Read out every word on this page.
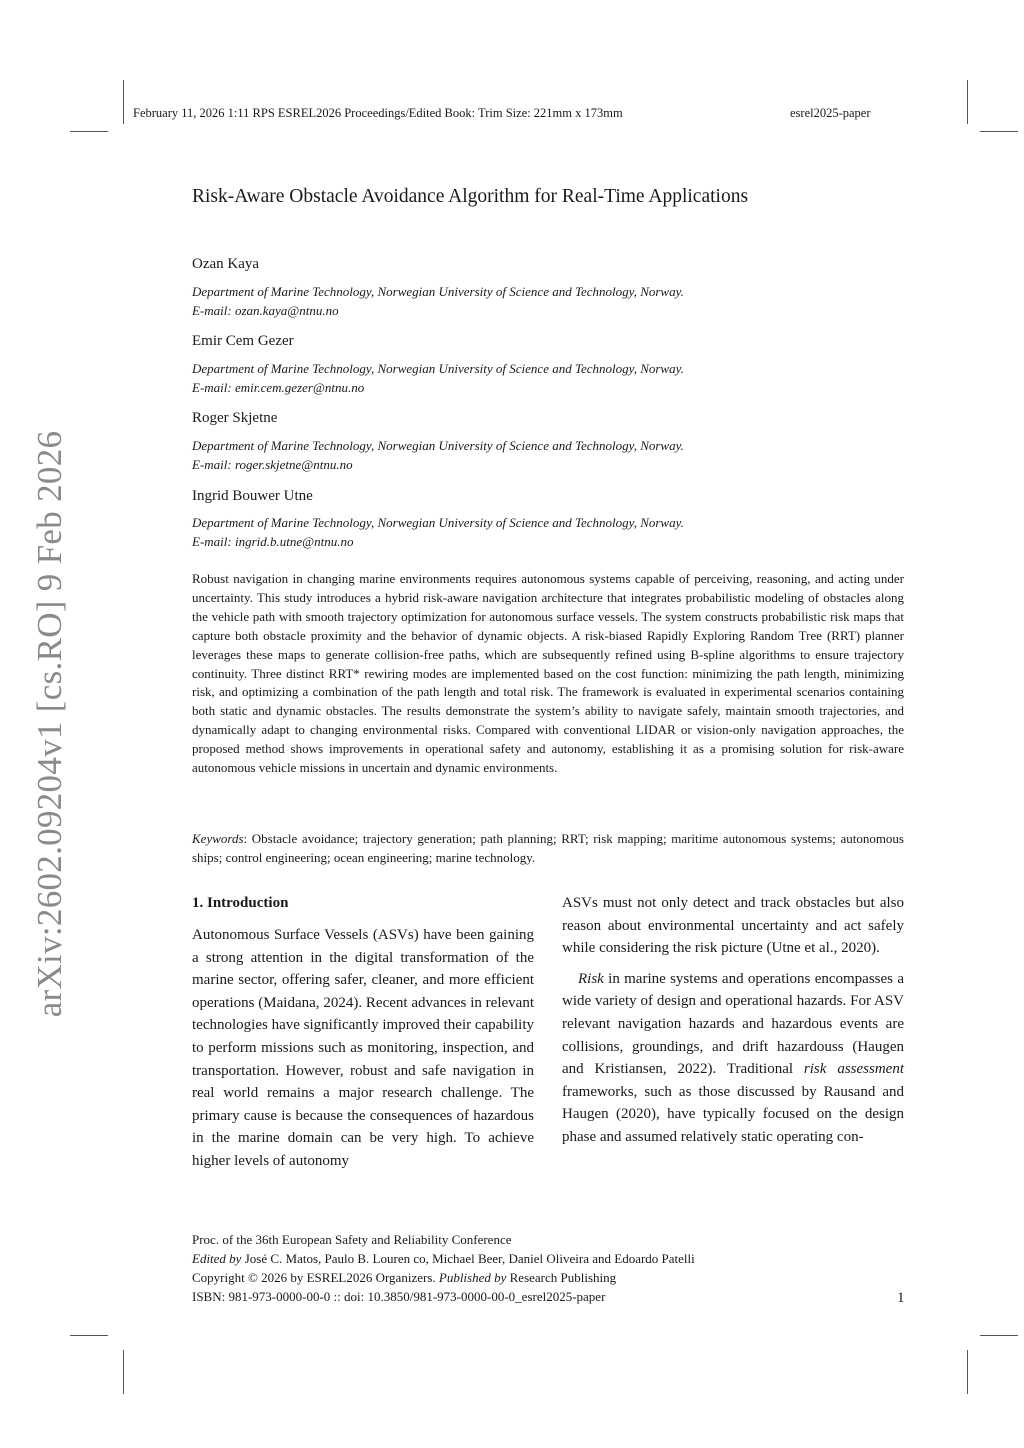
February 11, 2026 1:11 RPS ESREL2026 Proceedings/Edited Book: Trim Size: 221mm x 173mm	esrel2025-paper
arXiv:2602.09204v1 [cs.RO] 9 Feb 2026
Risk-Aware Obstacle Avoidance Algorithm for Real-Time Applications
Ozan Kaya
Department of Marine Technology, Norwegian University of Science and Technology, Norway.
E-mail: ozan.kaya@ntnu.no
Emir Cem Gezer
Department of Marine Technology, Norwegian University of Science and Technology, Norway.
E-mail: emir.cem.gezer@ntnu.no
Roger Skjetne
Department of Marine Technology, Norwegian University of Science and Technology, Norway.
E-mail: roger.skjetne@ntnu.no
Ingrid Bouwer Utne
Department of Marine Technology, Norwegian University of Science and Technology, Norway.
E-mail: ingrid.b.utne@ntnu.no

Robust navigation in changing marine environments requires autonomous systems capable of perceiving, reasoning, and acting under uncertainty. This study introduces a hybrid risk-aware navigation architecture that integrates probabilistic modeling of obstacles along the vehicle path with smooth trajectory optimization for autonomous surface vessels. The system constructs probabilistic risk maps that capture both obstacle proximity and the behavior of dynamic objects. A risk-biased Rapidly Exploring Random Tree (RRT) planner leverages these maps to generate collision-free paths, which are subsequently refined using B-spline algorithms to ensure trajectory continuity. Three distinct RRT* rewiring modes are implemented based on the cost function: minimizing the path length, minimizing risk, and optimizing a combination of the path length and total risk. The framework is evaluated in experimental scenarios containing both static and dynamic obstacles. The results demonstrate the system’s ability to navigate safely, maintain smooth trajectories, and dynamically adapt to changing environmental risks. Compared with conventional LIDAR or vision-only navigation approaches, the proposed method shows improvements in operational safety and autonomy, establishing it as a promising solution for risk-aware autonomous vehicle missions in uncertain and dynamic environments.

Keywords: Obstacle avoidance; trajectory generation; path planning; RRT; risk mapping; maritime autonomous systems; autonomous ships; control engineering; ocean engineering; marine technology.

1. Introduction

Autonomous Surface Vessels (ASVs) have been gaining a strong attention in the digital transformation of the marine sector, offering safer, cleaner, and more efficient operations (Maidana, 2024). Recent advances in relevant technologies have significantly improved their capability to perform missions such as monitoring, inspection, and transportation. However, robust and safe navigation in real world remains a major research challenge. The primary cause is because the consequences of hazardous in the marine domain can be very high. To achieve higher levels of autonomy

ASVs must not only detect and track obstacles but also reason about environmental uncertainty and act safely while considering the risk picture (Utne et al., 2020).

Risk in marine systems and operations encompasses a wide variety of design and operational hazards. For ASV relevant navigation hazards and hazardous events are collisions, groundings, and drift hazardouss (Haugen and Kristiansen, 2022). Traditional risk assessment frameworks, such as those discussed by Rausand and Haugen (2020), have typically focused on the design phase and assumed relatively static operating con-

Proc. of the 36th European Safety and Reliability Conference
Edited by José C. Matos, Paulo B. Louren co, Michael Beer, Daniel Oliveira and Edoardo Patelli
Copyright © 2026 by ESREL2026 Organizers. Published by Research Publishing
ISBN: 981-973-0000-00-0 :: doi: 10.3850/981-973-0000-00-0_esrel2025-paper	1
